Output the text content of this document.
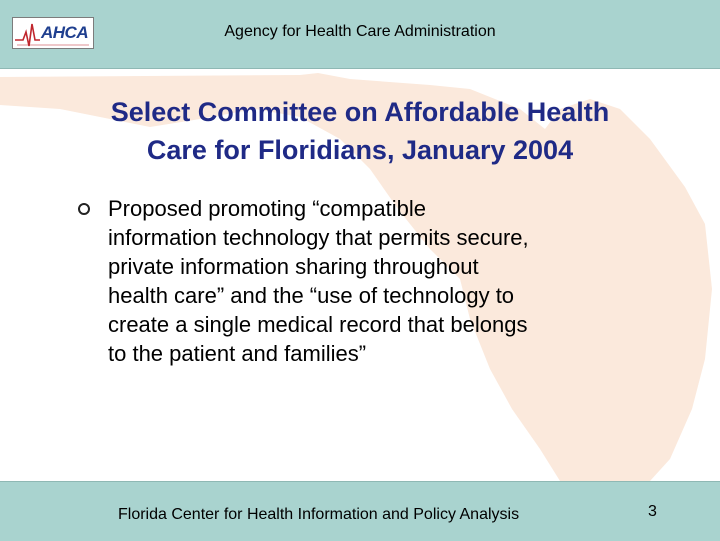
AHCA	Agency for Health Care Administration
Select Committee on Affordable Health
Care for Floridians, January 2004
Proposed promoting “compatible
information technology that permits secure,
private information sharing throughout
health care” and the “use of technology to
create a single medical record that belongs
to the patient and families”
Florida Center for Health Information and Policy Analysis	3
